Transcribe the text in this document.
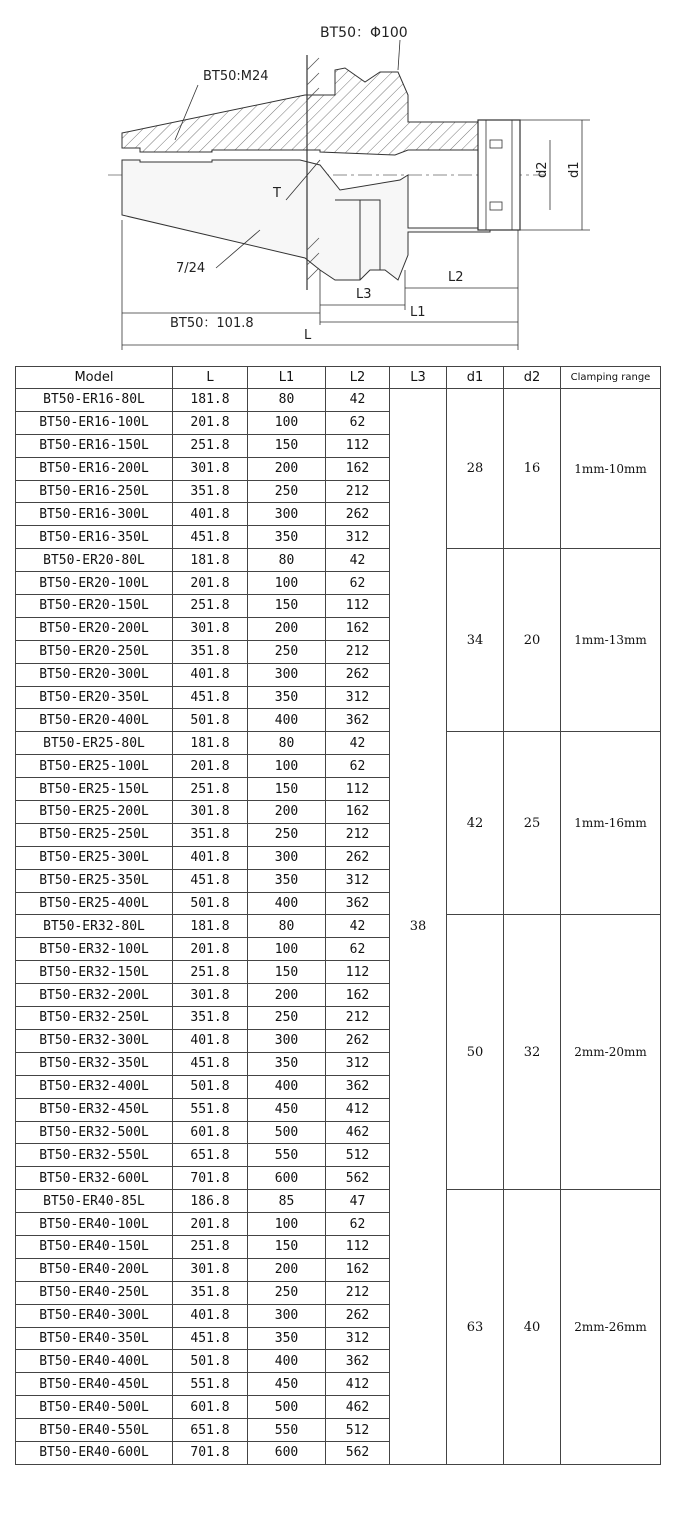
BT50：Φ100
BT50:M24
T
7/24
BT50：101.8
L
L1
L2
L3
d2 d1
Model	L	L1	L2	L3	d1	d2	Clamping range
BT50-ER16-80L	181.8	80	42	38	28	16	1mm-10mm
BT50-ER16-100L	201.8	100	62				
BT50-ER16-150L	251.8	150	112				
BT50-ER16-200L	301.8	200	162				
BT50-ER16-250L	351.8	250	212				
BT50-ER16-300L	401.8	300	262				
BT50-ER16-350L	451.8	350	312				
BT50-ER20-80L	181.8	80	42		34	20	1mm-13mm
BT50-ER20-100L	201.8	100	62				
BT50-ER20-150L	251.8	150	112				
BT50-ER20-200L	301.8	200	162				
BT50-ER20-250L	351.8	250	212				
BT50-ER20-300L	401.8	300	262				
BT50-ER20-350L	451.8	350	312				
BT50-ER20-400L	501.8	400	362				
BT50-ER25-80L	181.8	80	42		42	25	1mm-16mm
BT50-ER25-100L	201.8	100	62				
BT50-ER25-150L	251.8	150	112				
BT50-ER25-200L	301.8	200	162				
BT50-ER25-250L	351.8	250	212				
BT50-ER25-300L	401.8	300	262				
BT50-ER25-350L	451.8	350	312				
BT50-ER25-400L	501.8	400	362				
BT50-ER32-80L	181.8	80	42		50	32	2mm-20mm
BT50-ER32-100L	201.8	100	62				
BT50-ER32-150L	251.8	150	112				
BT50-ER32-200L	301.8	200	162				
BT50-ER32-250L	351.8	250	212				
BT50-ER32-300L	401.8	300	262				
BT50-ER32-350L	451.8	350	312				
BT50-ER32-400L	501.8	400	362				
BT50-ER32-450L	551.8	450	412				
BT50-ER32-500L	601.8	500	462				
BT50-ER32-550L	651.8	550	512				
BT50-ER32-600L	701.8	600	562				
BT50-ER40-85L	186.8	85	47		63	40	2mm-26mm
BT50-ER40-100L	201.8	100	62				
BT50-ER40-150L	251.8	150	112				
BT50-ER40-200L	301.8	200	162				
BT50-ER40-250L	351.8	250	212				
BT50-ER40-300L	401.8	300	262				
BT50-ER40-350L	451.8	350	312				
BT50-ER40-400L	501.8	400	362				
BT50-ER40-450L	551.8	450	412				
BT50-ER40-500L	601.8	500	462				
BT50-ER40-550L	651.8	550	512				
BT50-ER40-600L	701.8	600	562				
